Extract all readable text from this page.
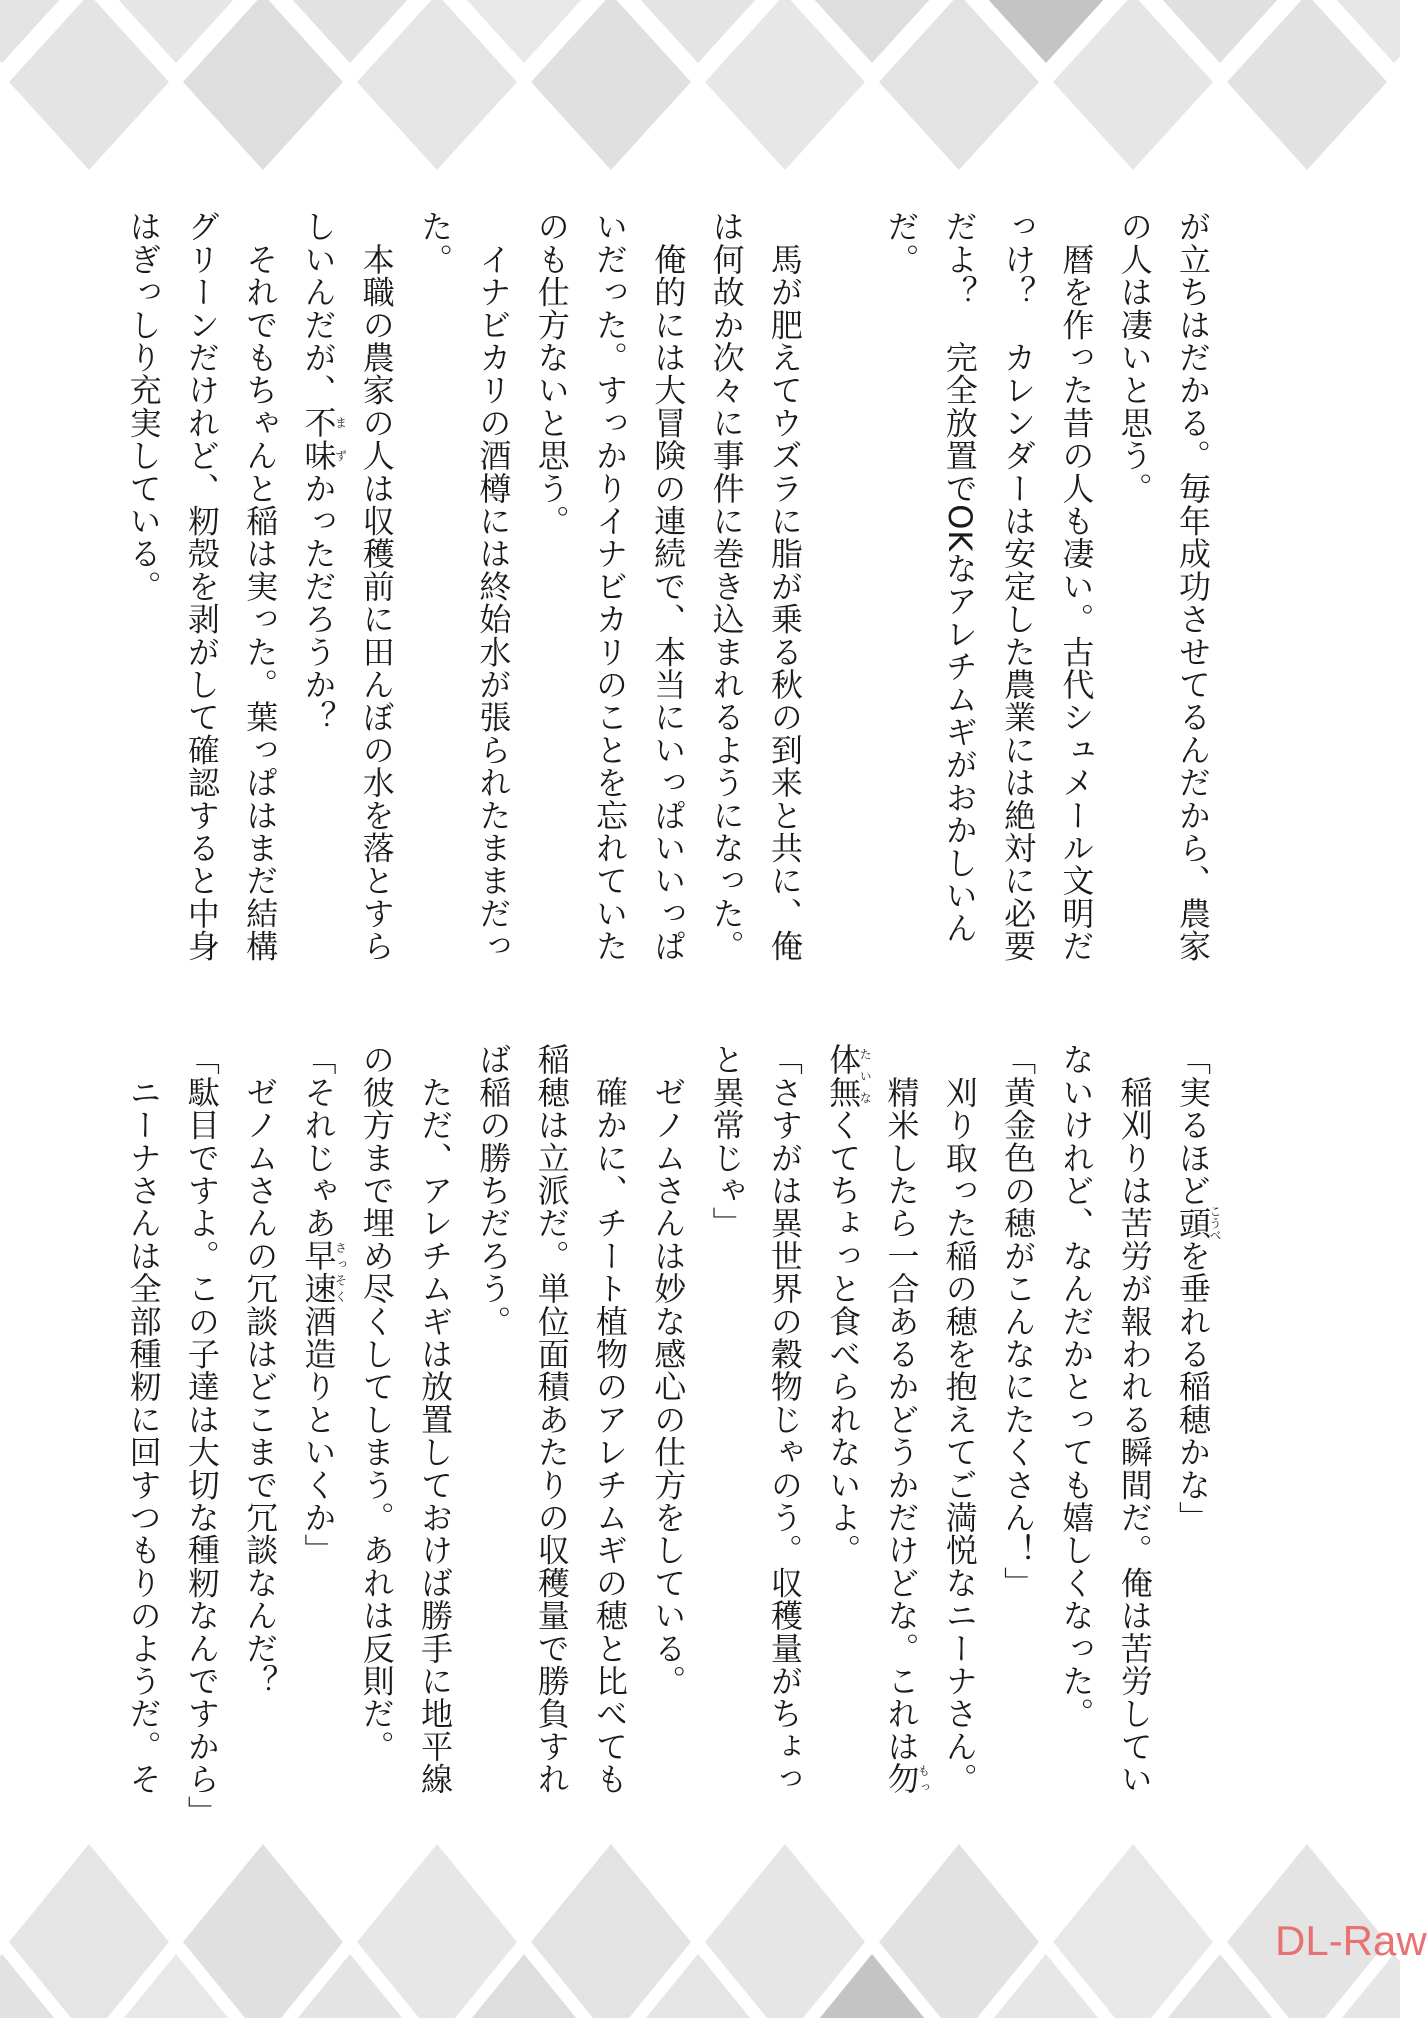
が立ちはだかる。毎年成功させてるんだから、農家
の人は凄いと思う。
　暦を作った昔の人も凄い。古代シュメール文明だ
っけ？　カレンダーは安定した農業には絶対に必要
だよ？　完全放置でOKなアレチムギがおかしいん
だ。
　馬が肥えてウズラに脂が乗る秋の到来と共に、俺
は何故か次々に事件に巻き込まれるようになった。
　俺的には大冒険の連続で、本当にいっぱいいっぱ
いだった。すっかりイナビカリのことを忘れていた
のも仕方ないと思う。
　イナビカリの酒樽には終始水が張られたままだっ
た。
　本職の農家の人は収穫前に田んぼの水を落とすら
しいんだが、不味まずかっただろうか？
　それでもちゃんと稲は実った。葉っぱはまだ結構
グリーンだけれど、籾殻を剥がして確認すると中身
はぎっしり充実している。
「実るほど頭こうべを垂れる稲穂かな」
　稲刈りは苦労が報われる瞬間だ。俺は苦労してい
ないけれど、なんだかとっても嬉しくなった。
「黄金色の穂がこんなにたくさん！」
　刈り取った稲の穂を抱えてご満悦なニーナさん。
　精米したら一合あるかどうかだけどな。これは勿もっ
体無たいなくてちょっと食べられないよ。
「さすがは異世界の穀物じゃのう。収穫量がちょっ
と異常じゃ」
　ゼノムさんは妙な感心の仕方をしている。
　確かに、チート植物のアレチムギの穂と比べても
稲穂は立派だ。単位面積あたりの収穫量で勝負すれ
ば稲の勝ちだろう。
　ただ、アレチムギは放置しておけば勝手に地平線
の彼方まで埋め尽くしてしまう。あれは反則だ。
「それじゃあ早速さっそく酒造りといくか」
　ゼノムさんの冗談はどこまで冗談なんだ？
「駄目ですよ。この子達は大切な種籾なんですから」
　ニーナさんは全部種籾に回すつもりのようだ。そ
DL-Raw
